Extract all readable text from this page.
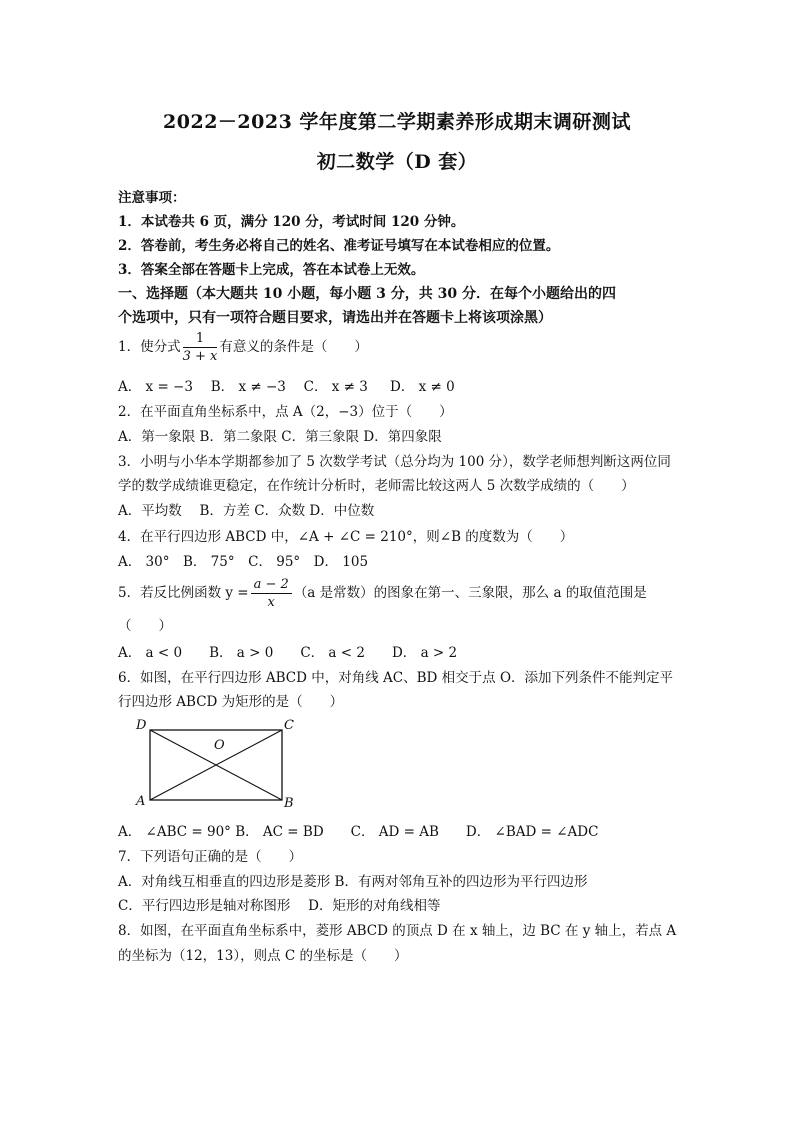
2022－2023 学年度第二学期素养形成期末调研测试
初二数学（D 套）
注意事项：
1．本试卷共 6 页，满分 120 分，考试时间 120 分钟。
2．答卷前，考生务必将自己的姓名、准考证号填写在本试卷相应的位置。
3．答案全部在答题卡上完成，答在本试卷上无效。
一、选择题（本大题共 10 小题，每小题 3 分，共 30 分．在每个小题给出的四
个选项中，只有一项符合题目要求，请选出并在答题卡上将该项涂黑）
1．使分式 $\frac{1}{3 + x}$ 有意义的条件是（　　）
A． x = −3 　B． x ≠ −3 　C． x ≠ 3 　 D． x ≠ 0
2．在平面直角坐标系中，点 A（2，−3）位于（　　）
A．第一象限 B．第二象限 C．第三象限 D．第四象限
3．小明与小华本学期都参加了 5 次数学考试（总分均为 100 分），数学老师想判断这两位同
学的数学成绩谁更稳定，在作统计分析时，老师需比较这两人 5 次数学成绩的（　　）
A．平均数　 B．方差 C．众数 D．中位数
4．在平行四边形 ABCD 中，∠A + ∠C = 210°，则∠B 的度数为（　　）
A． 30°　B． 75°　C． 95°　D． 105
5．若反比例函数 $y = \frac{a - 2}{x} (a$ 是常数）的图象在第一、三象限，那么 a 的取值范围是
（　　）
A． a < 0　　B． a > 0　　C． a < 2　　D． a > 2
6．如图，在平行四边形 ABCD 中，对角线 AC、BD 相交于点 O．添加下列条件不能判定平
行四边形 ABCD 为矩形的是（　　）
D	C
O
A	B
A． ∠ABC = 90° B． AC = BD　　C． AD = AB　　D． ∠BAD = ∠ADC
7．下列语句正确的是（　　）
A．对角线互相垂直的四边形是菱形 B．有两对邻角互补的四边形为平行四边形
C．平行四边形是轴对称图形　 D．矩形的对角线相等
8．如图，在平面直角坐标系中，菱形 ABCD 的顶点 D 在 x 轴上，边 BC 在 y 轴上，若点 A
的坐标为（12，13），则点 C 的坐标是（　　）
